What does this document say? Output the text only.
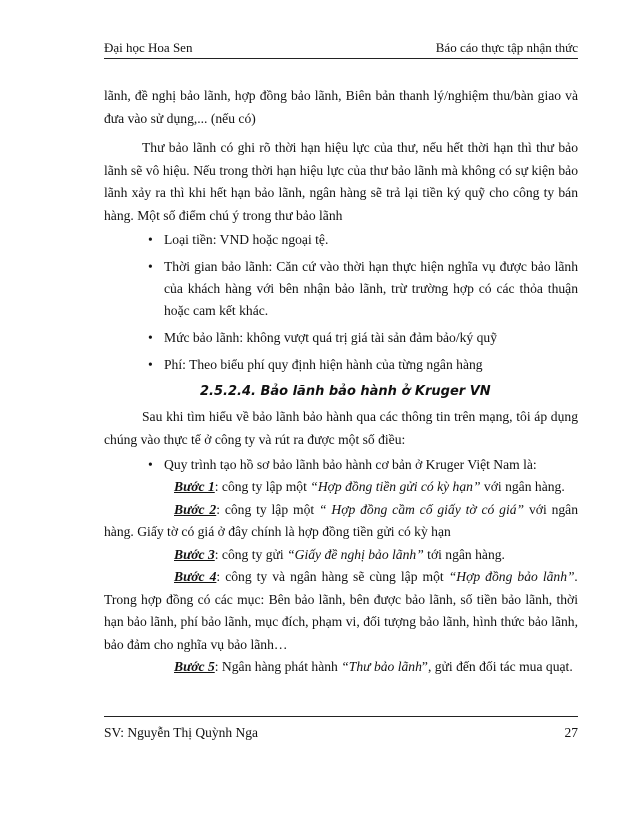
Đại học Hoa Sen	Báo cáo thực tập nhận thức

lãnh, đề nghị bảo lãnh, hợp đồng bảo lãnh, Biên bản thanh lý/nghiệm thu/bàn giao và đưa vào sử dụng,... (nếu có)

Thư bảo lãnh có ghi rõ thời hạn hiệu lực của thư, nếu hết thời hạn thì thư bảo lãnh sẽ vô hiệu. Nếu trong thời hạn hiệu lực của thư bảo lãnh mà không có sự kiện bảo lãnh xảy ra thì khi hết hạn bảo lãnh, ngân hàng sẽ trả lại tiền ký quỹ cho công ty bán hàng. Một số điểm chú ý trong thư bảo lãnh

• Loại tiền: VND hoặc ngoại tệ.
• Thời gian bảo lãnh: Căn cứ vào thời hạn thực hiện nghĩa vụ được bảo lãnh của khách hàng với bên nhận bảo lãnh, trừ trường hợp có các thỏa thuận hoặc cam kết khác.
• Mức bảo lãnh: không vượt quá trị giá tài sản đảm bảo/ký quỹ
• Phí: Theo biểu phí quy định hiện hành của từng ngân hàng
2.5.2.4. Bảo lãnh bảo hành ở Kruger VN

Sau khi tìm hiểu về bảo lãnh bảo hành qua các thông tin trên mạng, tôi áp dụng chúng vào thực tế ở công ty và rút ra được một số điều:

• Quy trình tạo hồ sơ bảo lãnh bảo hành cơ bản ở Kruger Việt Nam là:

Bước 1: công ty lập một “Hợp đồng tiền gửi có kỳ hạn” với ngân hàng.

Bước 2: công ty lập một “ Hợp đồng cầm cố giấy tờ có giá” với ngân hàng. Giấy tờ có giá ở đây chính là hợp đồng tiền gửi có kỳ hạn

Bước 3: công ty gửi “Giấy đề nghị bảo lãnh” tới ngân hàng.

Bước 4: công ty và ngân hàng sẽ cùng lập một “Hợp đồng bảo lãnh”. Trong hợp đồng có các mục: Bên bảo lãnh, bên được bảo lãnh, số tiền bảo lãnh, thời hạn bảo lãnh, phí bảo lãnh, mục đích, phạm vi, đối tượng bảo lãnh, hình thức bảo lãnh, bảo đảm cho nghĩa vụ bảo lãnh…

Bước 5: Ngân hàng phát hành “Thư bảo lãnh”, gửi đến đối tác mua quạt.

SV: Nguyễn Thị Quỳnh Nga	27
